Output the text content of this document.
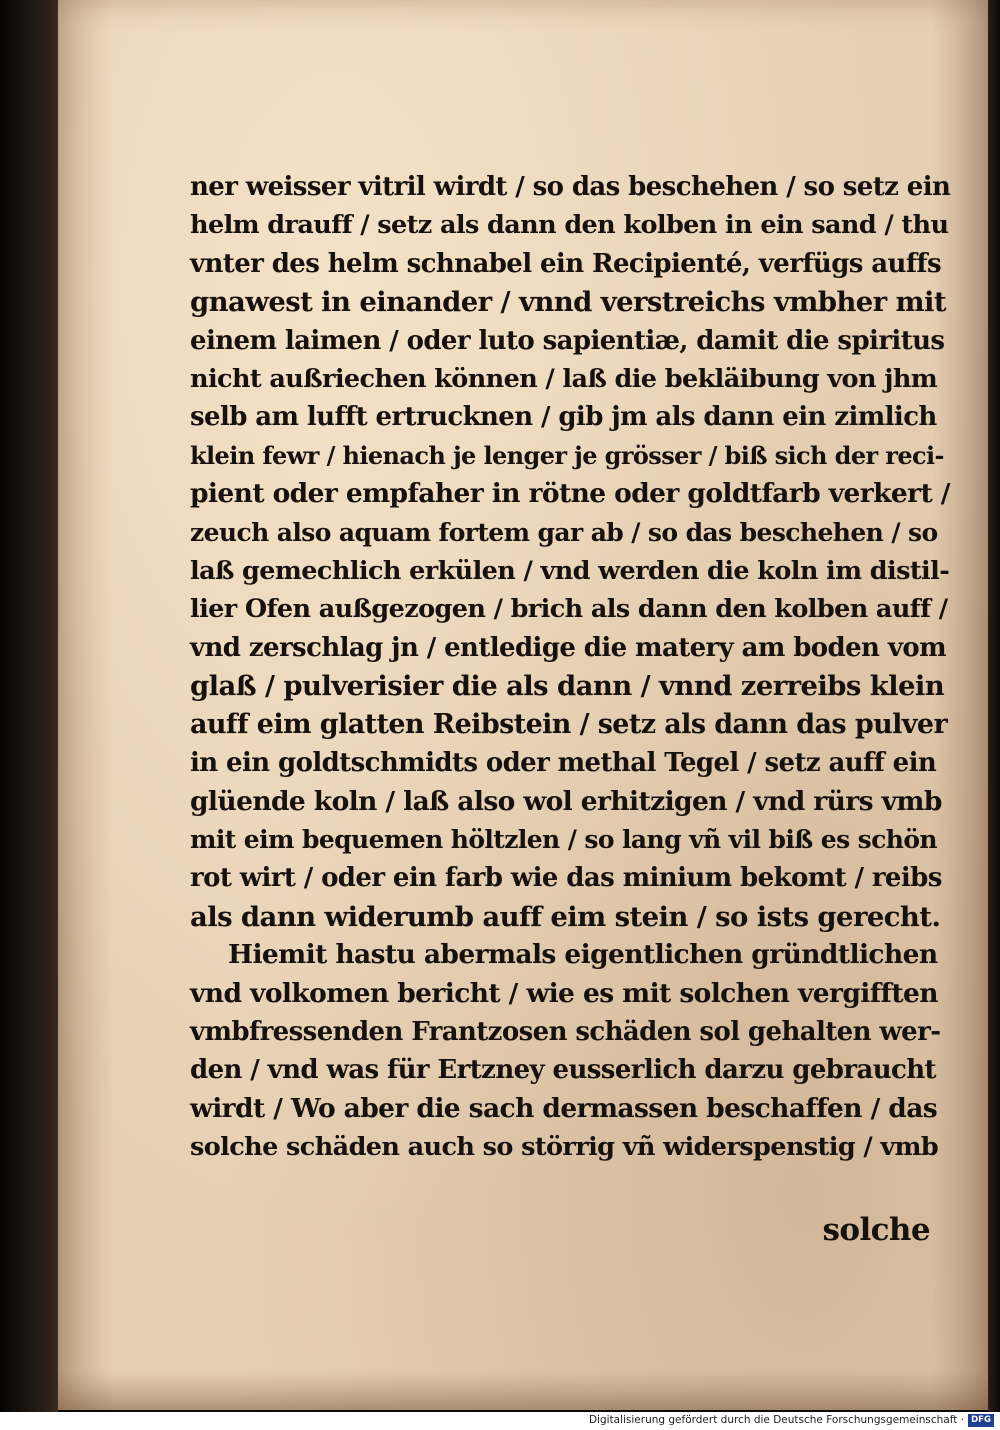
ner weisser vitril wirdt / so das beschehen / so setz ein
helm drauff / setz als dann den kolben in ein sand / thu
vnter des helm schnabel ein Recipienté, verfügs auffs
gnawest in einander / vnnd verstreichs vmbher mit
einem laimen / oder luto sapientiæ, damit die spiritus
nicht außriechen können / laß die bekläibung von jhm
selb am lufft ertrucknen / gib jm als dann ein zimlich
klein fewr / hienach je lenger je grösser / biß sich der reci-
pient oder empfaher in rötne oder goldtfarb verkert /
zeuch also aquam fortem gar ab / so das beschehen / so
laß gemechlich erkülen / vnd werden die koln im distil-
lier Ofen außgezogen / brich als dann den kolben auff /
vnd zerschlag jn / entledige die matery am boden vom
glaß / pulverisier die als dann / vnnd zerreibs klein
auff eim glatten Reibstein / setz als dann das pulver
in ein goldtschmidts oder methal Tegel / setz auff ein
glüende koln / laß also wol erhitzigen / vnd rürs vmb
mit eim bequemen höltzlen / so lang vñ vil biß es schön
rot wirt / oder ein farb wie das minium bekomt / reibs
als dann widerumb auff eim stein / so ists gerecht.
Hiemit hastu abermals eigentlichen gründtlichen
vnd volkomen bericht / wie es mit solchen vergifften
vmbfressenden Frantzosen schäden sol gehalten wer-
den / vnd was für Ertzney eusserlich darzu gebraucht
wirdt / Wo aber die sach dermassen beschaffen / das
solche schäden auch so störrig vñ widerspenstig / vmb
solche
Digitalisierung gefördert durch die Deutsche Forschungsgemeinschaft · DFG
